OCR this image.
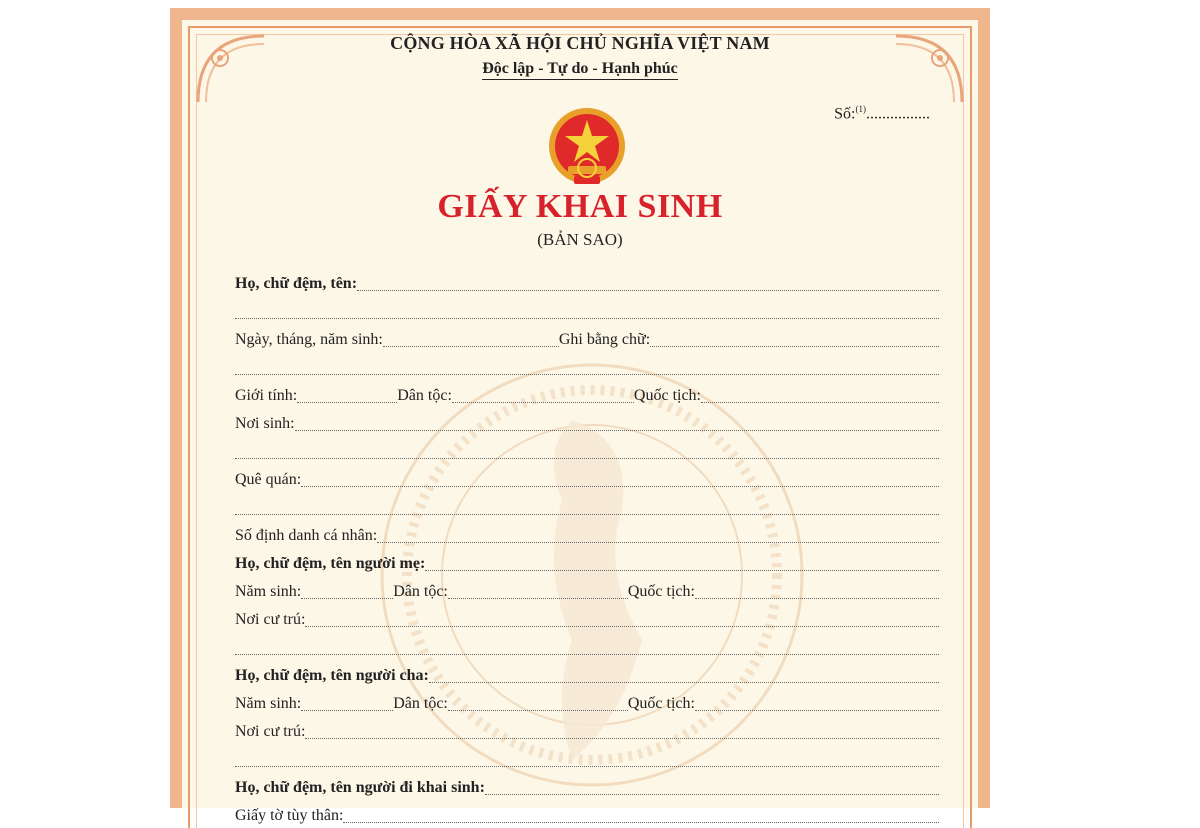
CỘNG HÒA XÃ HỘI CHỦ NGHĨA VIỆT NAM
Độc lập - Tự do - Hạnh phúc
Số:$^{(1)}$................
GIẤY KHAI SINH
(BẢN SAO)
Họ, chữ đệm, tên:
Ngày, tháng, năm sinh:	Ghi bằng chữ:
Giới tính:	Dân tộc:	Quốc tịch:
Nơi sinh:
Quê quán:
Số định danh cá nhân:
Họ, chữ đệm, tên người mẹ:
Năm sinh:	Dân tộc:	Quốc tịch:
Nơi cư trú:
Họ, chữ đệm, tên người cha:
Năm sinh:	Dân tộc:	Quốc tịch:
Nơi cư trú:
Họ, chữ đệm, tên người đi khai sinh:
Giấy tờ tùy thân:
